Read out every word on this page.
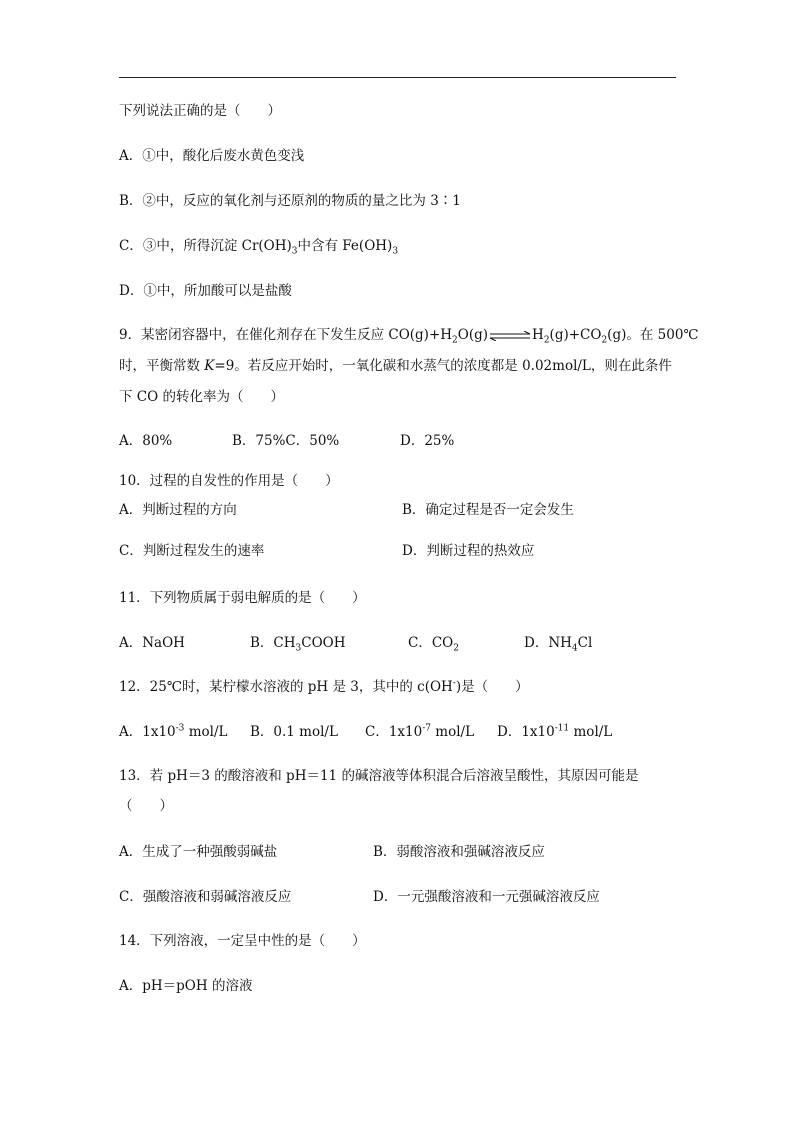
下列说法正确的是（　　）
A．①中，酸化后废水黄色变浅
B．②中，反应的氧化剂与还原剂的物质的量之比为 3∶1
C．③中，所得沉淀 $Cr(OH)_3$中含有 $Fe(OH)_3$
D．①中，所加酸可以是盐酸
9．某密闭容器中，在催化剂存在下发生反应 $CO(g)+H_2O(g)\rightleftharpoons H_2(g)+CO_2(g)$。在 500℃
时，平衡常数 K=9。若反应开始时，一氧化碳和水蒸气的浓度都是 0.02mol/L，则在此条件
下 CO 的转化率为（　　）
A．80%	B．75%C．50%	D．25%
10．过程的自发性的作用是（　　）
A．判断过程的方向	B．确定过程是否一定会发生
C．判断过程发生的速率	D．判断过程的热效应
11．下列物质属于弱电解质的是（　　）
A．NaOH	B．$CH_3COOH$	C．$CO_2$	D．$NH_4Cl$
12．25℃时，某柠檬水溶液的 pH 是 3，其中的 c(OH-)是（　　）
A．$1x10^{-3}$ mol/L B．0.1 mol/L C．$1x10^{-7}$ mol/L D．$1x10^{-11}$ mol/L
13．若 pH＝3 的酸溶液和 pH＝11 的碱溶液等体积混合后溶液呈酸性，其原因可能是
（　　）
A．生成了一种强酸弱碱盐	B．弱酸溶液和强碱溶液反应
C．强酸溶液和弱碱溶液反应	D．一元强酸溶液和一元强碱溶液反应
14．下列溶液，一定呈中性的是（　　）
A．pH＝pOH 的溶液
